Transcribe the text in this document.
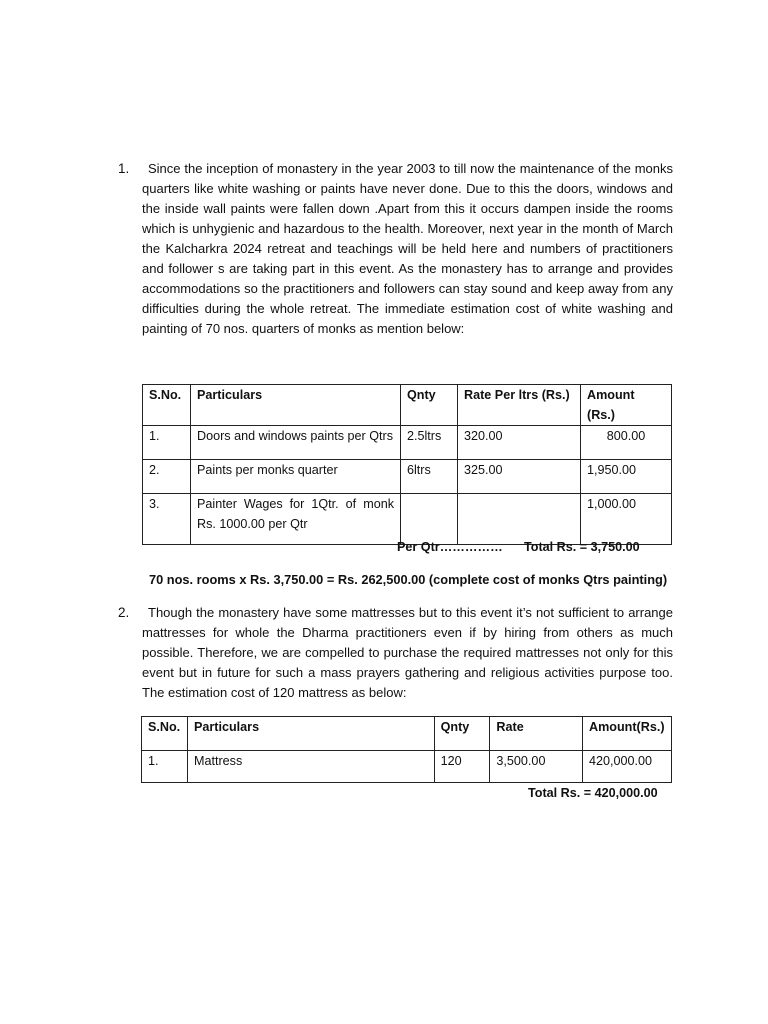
1.	Since the inception of monastery in the year 2003 to till now the maintenance of the monks quarters like white washing or paints have never done. Due to this the doors, windows and the inside wall paints were fallen down .Apart from this it occurs dampen inside the rooms which is unhygienic and hazardous to the health. Moreover, next year in the month of March the Kalcharkra 2024 retreat and teachings will be held here and numbers of practitioners and follower s are taking part in this event. As the monastery has to arrange and provides accommodations so the practitioners and followers can stay sound and keep away from any difficulties during the whole retreat. The immediate estimation cost of white washing and painting of 70 nos. quarters of monks as mention below:
S.No.	Particulars	Qnty	Rate Per ltrs (Rs.)	Amount (Rs.)
1.	Doors and windows paints per Qtrs	2.5ltrs	320.00	800.00
2.	Paints per monks quarter	6ltrs	325.00	1,950.00
3.	Painter Wages for 1Qtr. of monk Rs. 1000.00 per Qtr			1,000.00
Per Qtr…………… Total Rs. = 3,750.00
70 nos. rooms x Rs. 3,750.00 = Rs. 262,500.00 (complete cost of monks Qtrs painting)
2.	Though the monastery have some mattresses but to this event it’s not sufficient to arrange mattresses for whole the Dharma practitioners even if by hiring from others as much possible. Therefore, we are compelled to purchase the required mattresses not only for this event but in future for such a mass prayers gathering and religious activities purpose too. The estimation cost of 120 mattress as below:
S.No.	Particulars	Qnty	Rate	Amount(Rs.)
1.	Mattress	120	3,500.00	420,000.00
Total Rs. = 420,000.00
